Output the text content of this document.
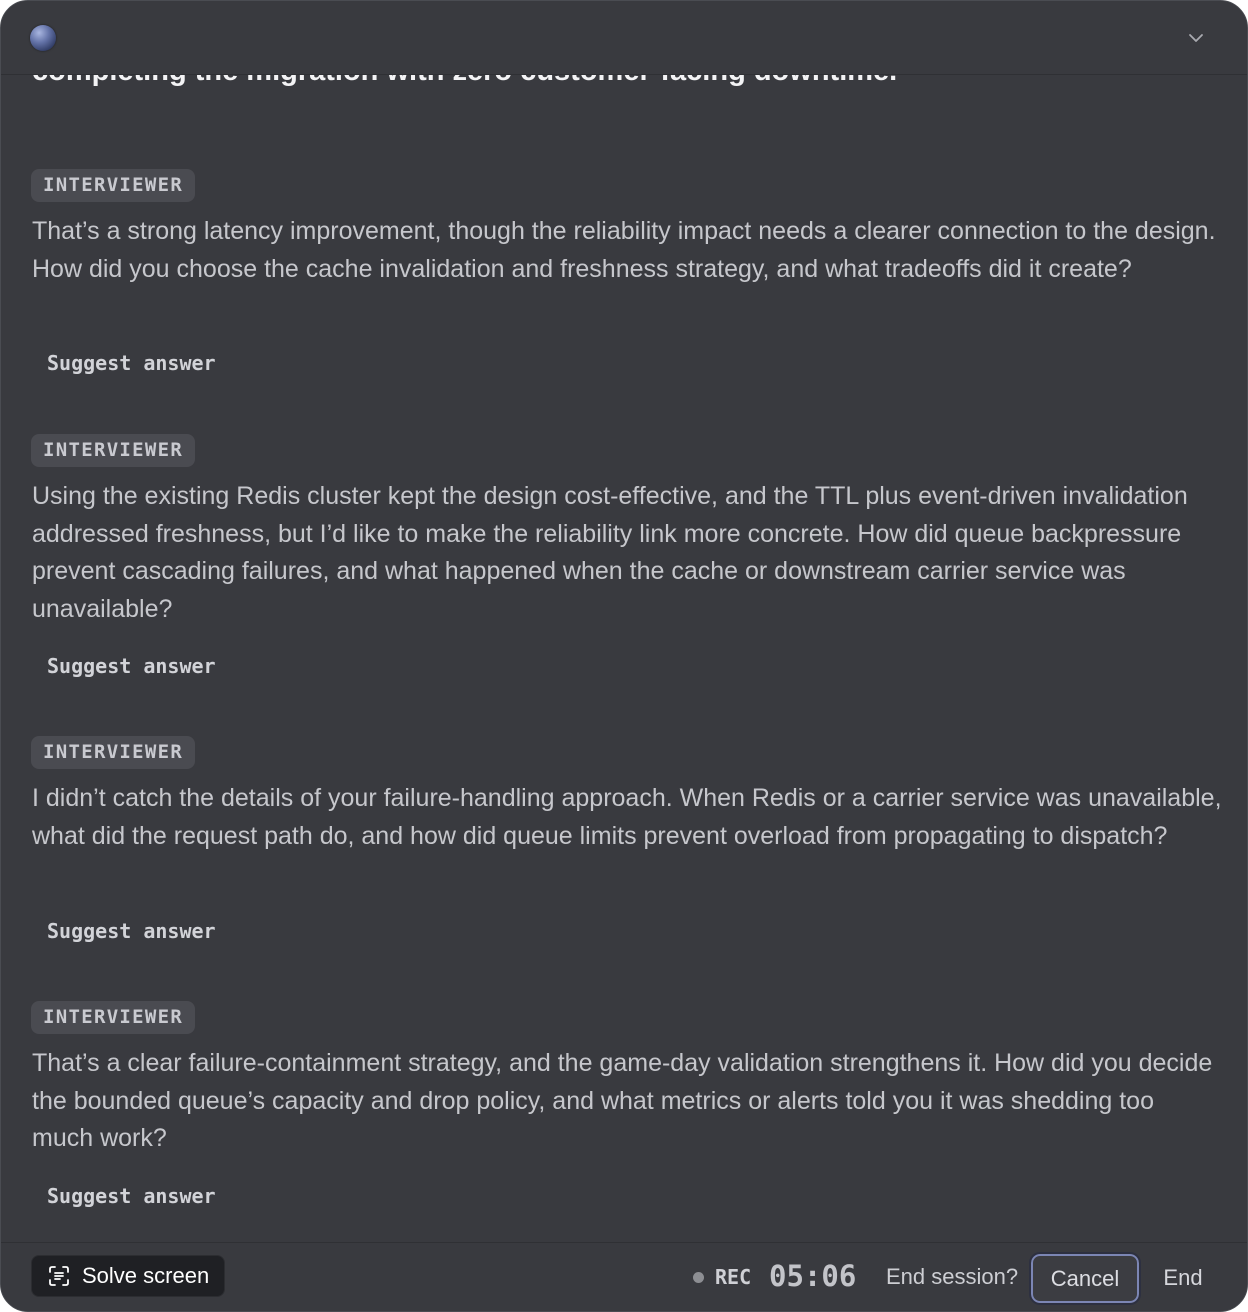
INTERVIEWER

That’s a strong latency improvement, though the reliability impact needs a clearer connection to the design. How did you choose the cache invalidation and freshness strategy, and what tradeoffs did it create?

Suggest answer
INTERVIEWER

Using the existing Redis cluster kept the design cost-effective, and the TTL plus event-driven invalidation addressed freshness, but I’d like to make the reliability link more concrete. How did queue backpressure prevent cascading failures, and what happened when the cache or downstream carrier service was unavailable?

Suggest answer
INTERVIEWER

I didn’t catch the details of your failure-handling approach. When Redis or a carrier service was unavailable, what did the request path do, and how did queue limits prevent overload from propagating to dispatch?

Suggest answer
INTERVIEWER

That’s a clear failure-containment strategy, and the game-day validation strengthens it. How did you decide the bounded queue’s capacity and drop policy, and what metrics or alerts told you it was shedding too much work?

Suggest answer
Solve screen	REC 05:06 End session?	Cancel	End
